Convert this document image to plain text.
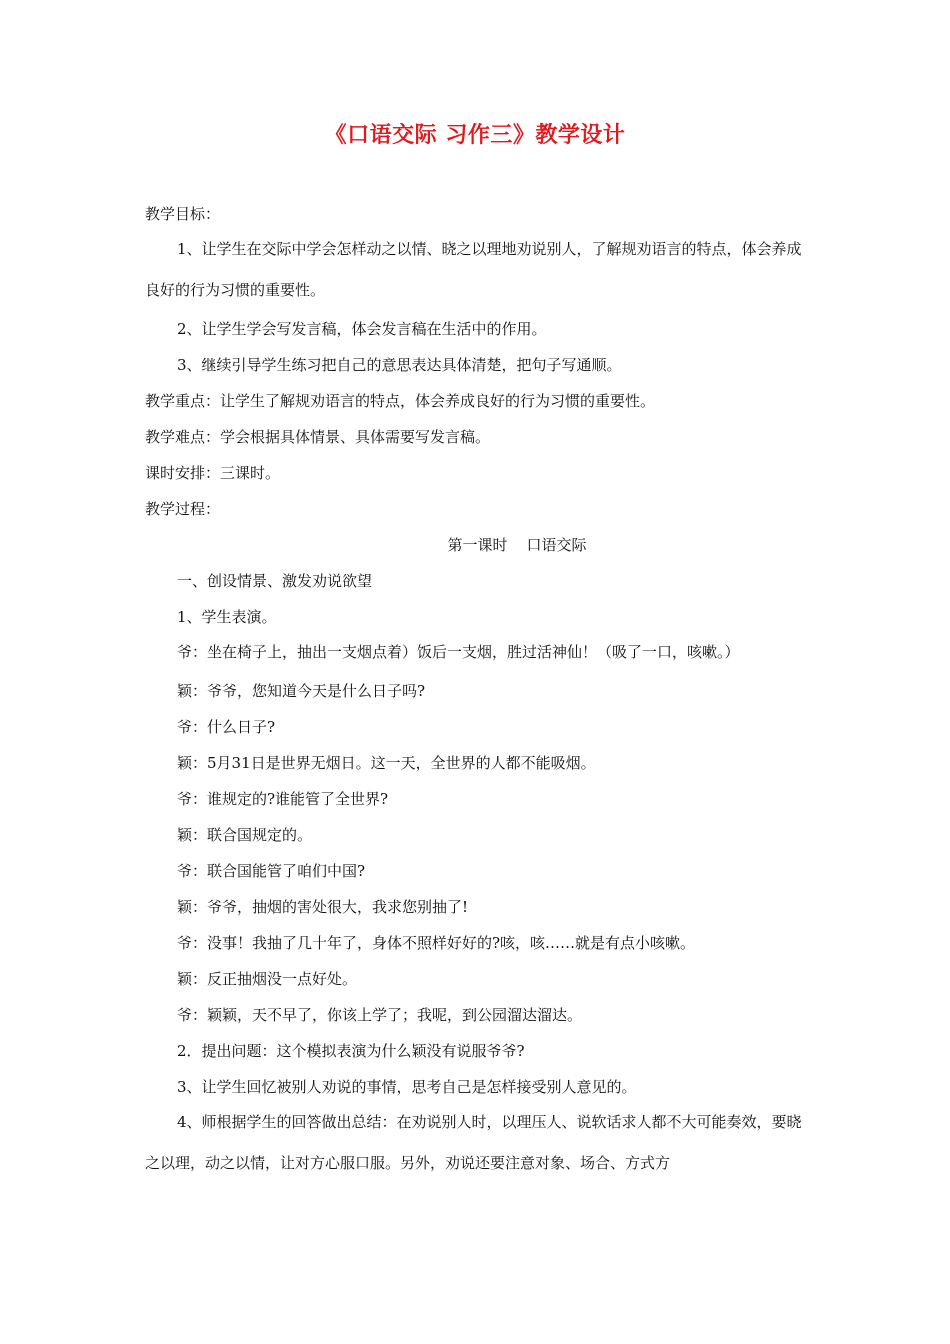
《口语交际 习作三》教学设计

教学目标：

1、让学生在交际中学会怎样动之以情、晓之以理地劝说别人，了解规劝语言的特点，体会养成良好的行为习惯的重要性。

2、让学生学会写发言稿，体会发言稿在生活中的作用。

3、继续引导学生练习把自己的意思表达具体清楚，把句子写通顺。

教学重点：让学生了解规劝语言的特点，体会养成良好的行为习惯的重要性。

教学难点：学会根据具体情景、具体需要写发言稿。

课时安排：三课时。

教学过程：

第一课时    口语交际

一、创设情景、激发劝说欲望

1、学生表演。

爷：坐在椅子上，抽出一支烟点着）饭后一支烟，胜过活神仙！（吸了一口，咳嗽。）

颖：爷爷，您知道今天是什么日子吗?

爷：什么日子?

颖：5月31日是世界无烟日。这一天，全世界的人都不能吸烟。

爷：谁规定的?谁能管了全世界?

颖：联合国规定的。

爷：联合国能管了咱们中国?

颖：爷爷，抽烟的害处很大，我求您别抽了!

爷：没事！我抽了几十年了，身体不照样好好的?咳，咳……就是有点小咳嗽。

颖：反正抽烟没一点好处。

爷：颖颖，天不早了，你该上学了；我呢，到公园溜达溜达。

2．提出问题：这个模拟表演为什么颖没有说服爷爷?

3、让学生回忆被别人劝说的事情，思考自己是怎样接受别人意见的。

4、师根据学生的回答做出总结：在劝说别人时，以理压人、说软话求人都不大可能奏效，要晓之以理，动之以情，让对方心服口服。另外，劝说还要注意对象、场合、方式方
